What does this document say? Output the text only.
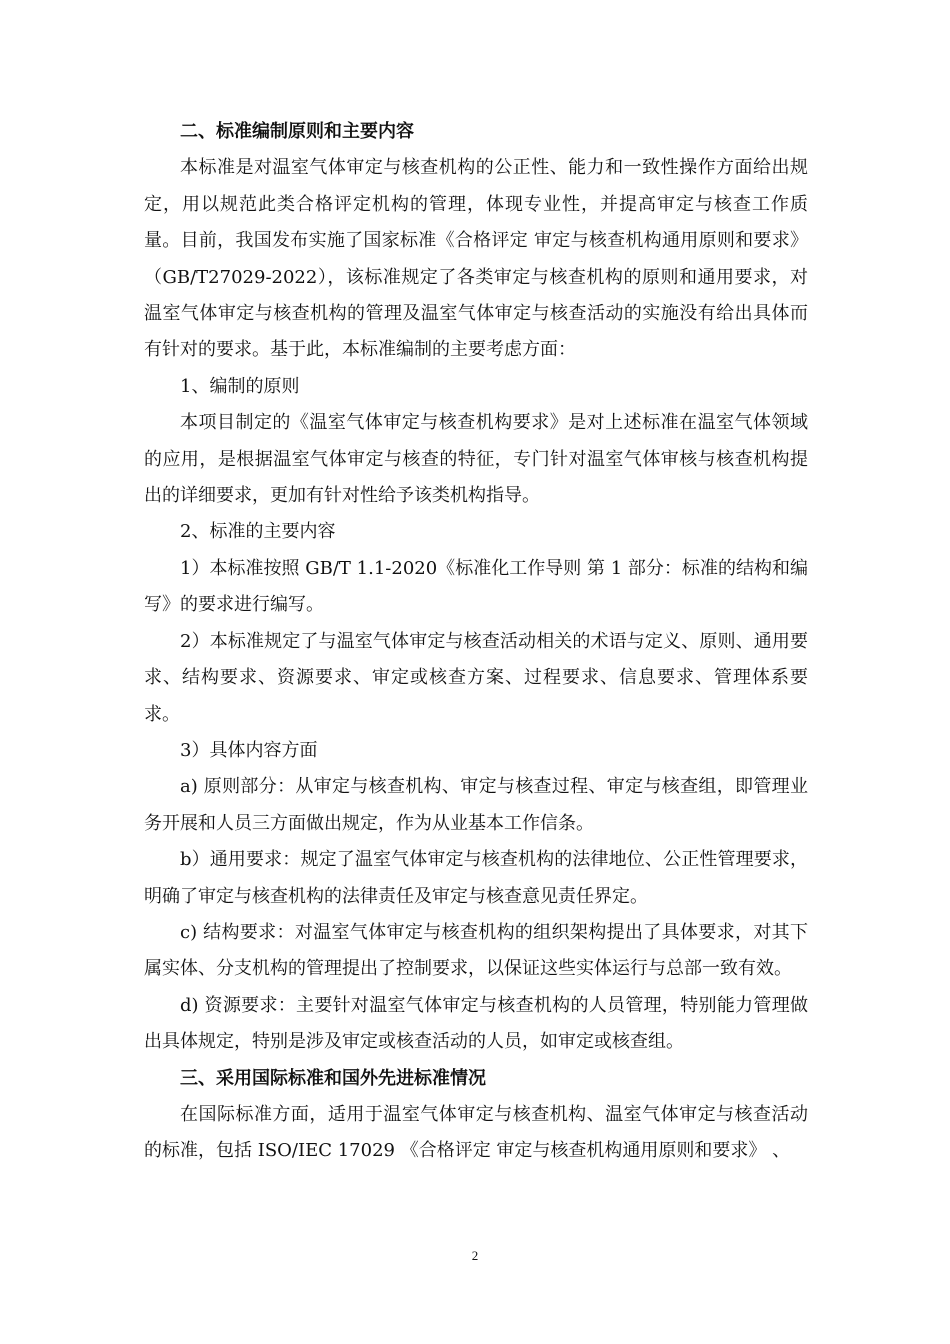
二、标准编制原则和主要内容

本标准是对温室气体审定与核查机构的公正性、能力和一致性操作方面给出规定，用以规范此类合格评定机构的管理，体现专业性，并提高审定与核查工作质量。目前，我国发布实施了国家标准《合格评定 审定与核查机构通用原则和要求》（GB/T27029-2022），该标准规定了各类审定与核查机构的原则和通用要求，对温室气体审定与核查机构的管理及温室气体审定与核查活动的实施没有给出具体而有针对的要求。基于此，本标准编制的主要考虑方面：

1、编制的原则

本项目制定的《温室气体审定与核查机构要求》是对上述标准在温室气体领域的应用，是根据温室气体审定与核查的特征，专门针对温室气体审核与核查机构提出的详细要求，更加有针对性给予该类机构指导。

2、标准的主要内容

1）本标准按照 GB/T 1.1-2020《标准化工作导则 第 1 部分：标准的结构和编写》的要求进行编写。

2）本标准规定了与温室气体审定与核查活动相关的术语与定义、原则、通用要求、结构要求、资源要求、审定或核查方案、过程要求、信息要求、管理体系要求。

3）具体内容方面

a) 原则部分：从审定与核查机构、审定与核查过程、审定与核查组，即管理业务开展和人员三方面做出规定，作为从业基本工作信条。

b）通用要求：规定了温室气体审定与核查机构的法律地位、公正性管理要求，明确了审定与核查机构的法律责任及审定与核查意见责任界定。

c) 结构要求：对温室气体审定与核查机构的组织架构提出了具体要求，对其下属实体、分支机构的管理提出了控制要求，以保证这些实体运行与总部一致有效。

d) 资源要求：主要针对温室气体审定与核查机构的人员管理，特别能力管理做出具体规定，特别是涉及审定或核查活动的人员，如审定或核查组。

三、采用国际标准和国外先进标准情况

在国际标准方面，适用于温室气体审定与核查机构、温室气体审定与核查活动的标准，包括 ISO/IEC 17029 《合格评定 审定与核查机构通用原则和要求》 、

2
